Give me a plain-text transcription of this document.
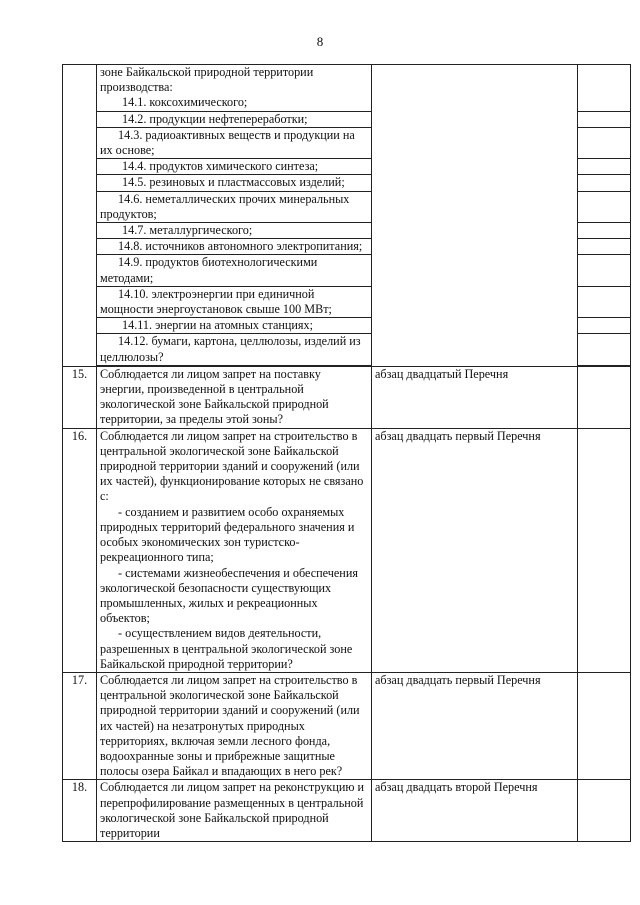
8

	зоне Байкальской природной территории
производства:
14.1. коксохимического;		

	14.2. продукции нефтепереработки;		

	14.3. радиоактивных веществ и продукции на их основе;		

	14.4. продуктов химического синтеза;		

	14.5. резиновых и пластмассовых изделий;		

	14.6. неметаллических прочих минеральных продуктов;		

	14.7. металлургического;		

	14.8. источников автономного электропитания;		

	14.9. продуктов биотехнологическими методами;		

	14.10. электроэнергии при единичной мощности энергоустановок свыше 100 МВт;		

	14.11. энергии на атомных станциях;		

	14.12. бумаги, картона, целлюлозы, изделий из целлюлозы?		

15.	Соблюдается ли лицом запрет на поставку энергии, произведенной в центральной экологической зоне Байкальской природной территории, за пределы этой зоны?	абзац двадцатый Перечня	
16.	Соблюдается ли лицом запрет на строительство в центральной экологической зоне Байкальской природной территории зданий и сооружений (или их частей), функционирование которых не связано с:
- созданием и развитием особо охраняемых природных территорий федерального значения и особых экономических зон туристско-рекреационного типа;
- системами жизнеобеспечения и обеспечения экологической безопасности существующих промышленных, жилых и рекреационных объектов;
- осуществлением видов деятельности, разрешенных в центральной экологической зоне Байкальской природной территории?	абзац двадцать первый Перечня	
17.	Соблюдается ли лицом запрет на строительство в центральной экологической зоне Байкальской природной территории зданий и сооружений (или их частей) на незатронутых природных территориях, включая земли лесного фонда, водоохранные зоны и прибрежные защитные полосы озера Байкал и впадающих в него рек?	абзац двадцать первый Перечня	
18.	Соблюдается ли лицом запрет на реконструкцию и перепрофилирование размещенных в центральной экологической зоне Байкальской природной территории	абзац двадцать второй Перечня	
